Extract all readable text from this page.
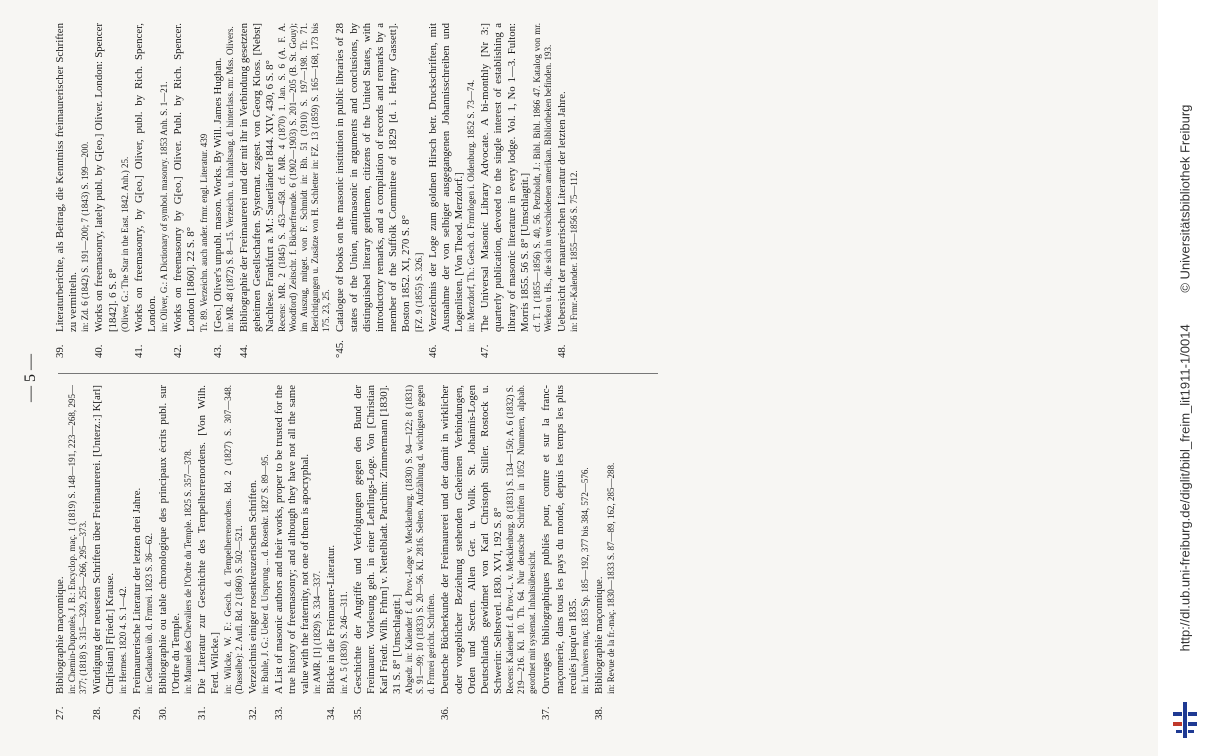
— 5 —
27.
Bibliographie maçonnique. in: Chemin-Dupontès, J. B.: Encyclop. maç. 1 (1819) S. 148—191, 223—268, 295—377; (1818) S. 315—329, 255—266, 295—373.
28.
Würdigung der neuesten Schriften über Freimaurerei. [Unterz.:] K[arl] Chr[istian] F[riedr.] Krause. in: Hermes. 1820 4. S. 1—42.
29.
Freimaurerische Literatur der letzten drei Jahre. in: Gedanken üb. d. Frmrei. 1823 S. 36—62.
30.
Bibliographie ou table chronologique des principaux écrits publ. sur l'Ordre du Temple. in: Manuel des Chevaliers de l'Ordre du Temple. 1825 S. 357—378.
31.
Die Literatur zur Geschichte des Tempelherrenordens. [Von Wilh. Ferd. Wilcke.] in: Wilcke, W. F.: Gesch. d. Tempelherrenordens. Bd. 2 (1827) S. 307—348. (Dasselbe): 2. Aufl. Bd. 2 (1860) S. 502—521.
32.
Verzeichnis einiger rosenkreuzerischen Schriften. in: Buhle, J. G.: Ueber d. Ursprung ... d. Rosenkr. 1827 S. 89—95.
33.
A List of masonic authors and their works, proper to be trusted for the true history of freemasonry; and although they have not all the same value with the fraternity, not one of them is apocryphal. in: AMR. [1] (1829) S. 334—337.
34.
Blicke in die Freimaurer-Literatur. in: A. 5 (1830) S. 246—311.
35.
Geschichte der Angriffe und Verfolgungen gegen den Bund der Freimaurer. Vorlesung geh. in einer Lehrlings-Loge. Von [Christian Karl Friedr. Wilh. Frhrn] v. Nettelbladt. Parchim: Zimmermann [1830]. 31 S. 8° [Umschlagtit.] Abgedr. in: Kalender f. d. Prov.-Loge v. Mecklenburg. (1830) S. 94—122; 8 (1831) S. 91—99; 10 (1833) S. 20—56. Kl. 2816. Selten. Aufzählung d. wichtigsten gegen d. Frmrei gericht. Schriften.
36.
Deutsche Bücherkunde der Freimaurerei und der damit in wirklicher oder vorgeblicher Beziehung stehenden Geheimen Verbindungen, Orden und Secten. Allen Ger. u. Vollk. St. Johannis-Logen Deutschlands gewidmet von Karl Christoph Stiller. Rostock u. Schwerin: Selbstverl. 1830. XVI, 192 S. 8° Recens: Kalender f. d. Prov.-L. v. Mecklenburg. 8 (1831) S. 134—150; A. 6 (1832) S. 219—216. Kl. 10. Th. 64. Nur deutsche Schriften in 1052 Nummern, alphab. geordnet mit systemat. Inhaltsübersicht.
37.
Ouvrages bibliographiques publiés pour, contre et sur la franc-maçonnerie, dans tous les pays du monde, depuis les temps les plus reculés jusqu'en 1835. in: L'univers maç. 1835 Sp. 185—192, 377 bis 384, 572—576.
38.
Bibliographie maçonnique. in: Revue de la fr.-maç. 1830—1833 S. 87—89, 162, 285—288.
39.
Literaturberichte, als Beitrag, die Kenntniss freimaurerischer Schriften zu vermitteln. in: Zd. 6 (1842) S. 191—200; 7 (1843) S. 199—200.
40.
Works on freemasonry, lately publ. by G[eo.] Oliver. London: Spencer [1842]. 6 S. 8° (Oliver, G.: The Star in the East. 1842. Anh.) 25.
41.
Works on freemasonry, by G[eo.] Oliver, publ. by Rich. Spencer, London. in: Oliver, G.: A Dictionary of symbol. masonry. 1853 Anh. S. 1—21.
42.
Works on freemasonry by G[eo.] Oliver. Publ. by Rich. Spencer. London [1860]. 22 S. 8° Tr. 89. Verzeichn. auch ander. frmr. engl. Literatur. 439
43.
[Geo.] Oliver's unpubl. mason. Works. By Will. James Hughan. in: MR. 48 (1872) S. 8—15. Verzeichn. u. Inhaltsang. d. hinterlass. mr. Mss. Olivers.
44.
Bibliographie der Freimaurerei und der mit ihr in Verbindung gesetzten geheimen Gesellschaften. Systemat. zsgest. von Georg Kloss. [Nebst] Nachlese. Frankfurt a. M.: Sauerländer 1844. XIV, 430, 6 S. 8° Recens: MR. 2 (1845) S. 453—458. cf. MR. 4 (1870) 1. Jan. S. 6 (A. F. A. Woodford) Zeitschr. f. Bücherfreunde. 6 (1902—1903) S. 201—205 (B. St. Gouy); im Auszug, mitget. von F. Schmidt in: Bh. 51 (1910) S. 197—198. Tr. 71. Berichtigungen u. Zusätze von H. Schletter in: FZ. 13 (1859) S. 165—168, 173 bis 175. 23, 25.
°45.
Catalogue of books on the masonic institution in public libraries of 28 states of the Union, antimasonic in arguments and conclusions, by distinguished literary gentlemen, citizens of the United States, with introductory remarks, and a compilation of records and remarks by a member of the Suffolk Committee of 1829 [d. i. Henry Gassett]. Boston 1852. XI, 270 S. 8° [FZ. 9 (1855) S. 326.]
46.
Verzeichnis der Loge zum goldnen Hirsch betr. Druckschriften, mit Ausnahme der von selbiger ausgegangenen Johannisschreiben und Logenlisten. [Von Theod. Merzdorf.] in: Merzdorf, Th.: Gesch. d. Frmrlogen i. Oldenburg. 1852 S. 73—74.
47.
The Universal Masonic Library Advocate. A bi-monthly [Nr 3:] quarterly publication, devoted to the single interest of establishing a library of masonic literature in every lodge. Vol. 1, No 1—3. Fulton: Morris 1855. 56 S. 8° [Umschlagtit.] cf. T. 1 (1855—1856) S. 40, 56. Petzholdt, J.: Bibl. Bibl. 1866 47. Katalog von mr. Werken u. Hs., die sich in verschiedenen amerikan. Bibliotheken befinden. 193.
48.
Uebersicht der maurerischen Literatur der letzten Jahre. in: Frmr.-Kalender. 1855—1856 S. 75—112.
http://dl.ub.uni-freiburg.de/diglit/bibl_freim_lit1911-1/0014 © Universitätsbibliothek Freiburg
